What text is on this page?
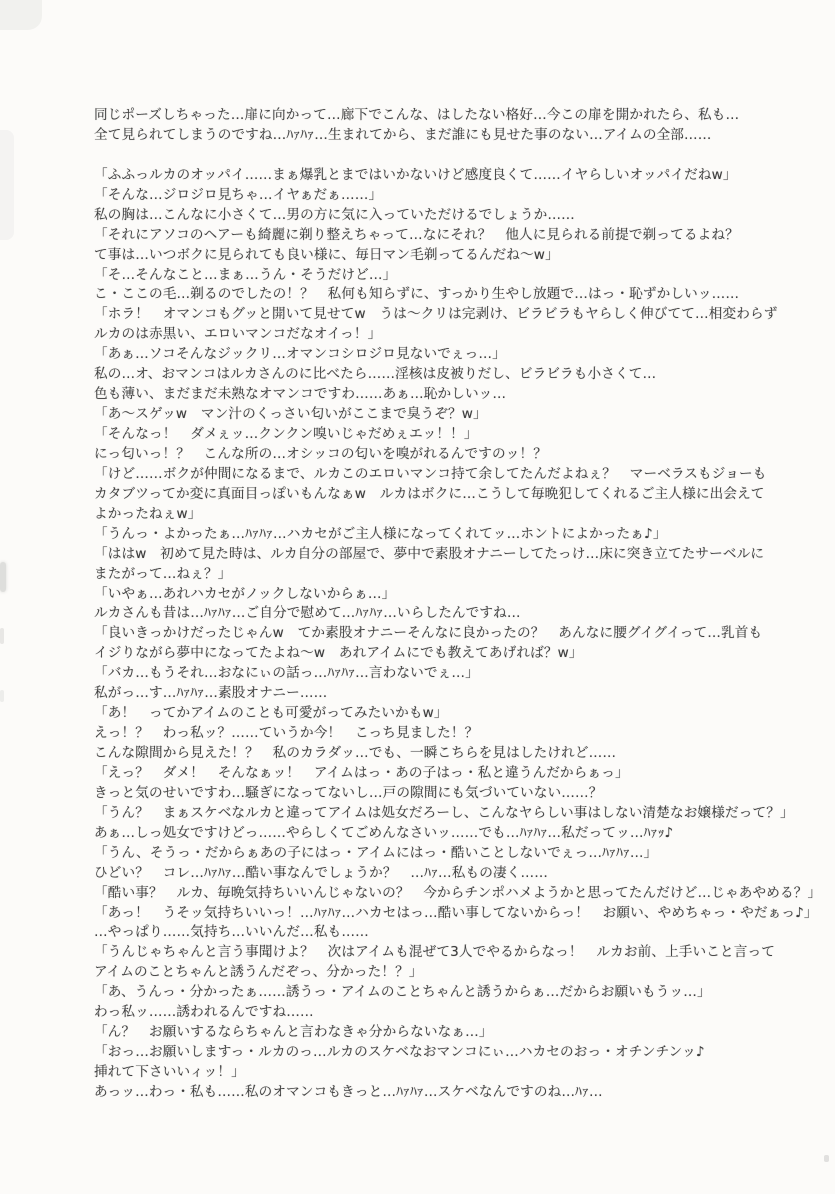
同じポーズしちゃった…扉に向かって…廊下でこんな、はしたない格好…今この扉を開かれたら、私も…
全て見られてしまうのですね…ﾊｧﾊｧ…生まれてから、まだ誰にも見せた事のない…アイムの全部……

「ふふっルカのオッパイ……まぁ爆乳とまではいかないけど感度良くて……イヤらしいオッパイだねw」
「そんな…ジロジロ見ちゃ…イヤぁだぁ……」
私の胸は…こんなに小さくて…男の方に気に入っていただけるでしょうか……
「それにアソコのヘアーも綺麗に剃り整えちゃって…なにそれ？　他人に見られる前提で剃ってるよね？
て事は…いつボクに見られても良い様に、毎日マン毛剃ってるんだね〜w」
「そ…そんなこと…まぁ…うん・そうだけど…」
こ・ここの毛…剃るのでしたの！？　私何も知らずに、すっかり生やし放題で…はっ・恥ずかしいッ……
「ホラ！　オマンコもグッと開いて見せてw　うは〜クリは完剥け、ビラビラもヤらしく伸びてて…相変わらず
ルカのは赤黒い、エロいマンコだなオイっ！」
「あぁ…ソコそんなジックリ…オマンコシロジロ見ないでぇっ…」
私の…オ、おマンコはルカさんのに比べたら……淫核は皮被りだし、ビラビラも小さくて…
色も薄い、まだまだ未熟なオマンコですわ……あぁ…恥かしいッ…
「あ〜スゲッw　マン汁のくっさい匂いがここまで臭うぞ？w」
「そんなっ！　ダメぇッ…クンクン嗅いじゃだめぇエッ！！」
にっ匂いっ！？　こんな所の…オシッコの匂いを嗅がれるんですのッ！？
「けど……ボクが仲間になるまで、ルカこのエロいマンコ持て余してたんだよねぇ？　マーベラスもジョーも
カタブツってか変に真面目っぽいもんなぁw　ルカはボクに…こうして毎晩犯してくれるご主人様に出会えて
よかったねぇw」
「うんっ・よかったぁ…ﾊｧﾊｧ…ハカセがご主人様になってくれてッ…ホントによかったぁ♪」
「ははw　初めて見た時は、ルカ自分の部屋で、夢中で素股オナニーしてたっけ…床に突き立てたサーベルに
またがって…ねぇ？」
「いやぁ…あれハカセがノックしないからぁ…」
ルカさんも昔は…ﾊｧﾊｧ…ご自分で慰めて…ﾊｧﾊｧ…いらしたんですね…
「良いきっかけだったじゃんw　てか素股オナニーそんなに良かったの？　あんなに腰グイグイって…乳首も
イジりながら夢中になってたよね〜w　あれアイムにでも教えてあげれば？w」
「バカ…もうそれ…おなにぃの話っ…ﾊｧﾊｧ…言わないでぇ…」
私がっ…す…ﾊｧﾊｧ…素股オナニー……
「あ！　ってかアイムのことも可愛がってみたいかもw」
えっ！？　わっ私ッ？……ていうか今！　こっち見ました！？
こんな隙間から見えた！？　私のカラダッ…でも、一瞬こちらを見はしたけれど……
「えっ？　ダメ！　そんなぁッ！　アイムはっ・あの子はっ・私と違うんだからぁっ」
きっと気のせいですわ…騒ぎになってないし…戸の隙間にも気づいていない……？
「うん？　まぁスケベなルカと違ってアイムは処女だろーし、こんなヤらしい事はしない清楚なお嬢様だって？」
あぁ…しっ処女ですけどっ……やらしくてごめんなさいッ……でも…ﾊｧﾊｧ…私だってッ…ﾊｧｯ♪
「うん、そうっ・だからぁあの子にはっ・アイムにはっ・酷いことしないでぇっ…ﾊｧﾊｧ…」
ひどい？　コレ…ﾊｧﾊｧ…酷い事なんでしょうか？　…ﾊｧ…私もの凄く……
「酷い事？　ルカ、毎晩気持ちいいんじゃないの？　今からチンポハメようかと思ってたんだけど…じゃあやめる？」
「あっ！　うそッ気持ちいいっ！…ﾊｧﾊｧ…ハカセはっ…酷い事してないからっ！　お願い、やめちゃっ・やだぁっ♪」
…やっぱり……気持ち…いいんだ…私も……
「うんじゃちゃんと言う事聞けよ？　次はアイムも混ぜて3人でやるからなっ！　ルカお前、上手いこと言って
アイムのことちゃんと誘うんだぞっ、分かった！？」
「あ、うんっ・分かったぁ……誘うっ・アイムのことちゃんと誘うからぁ…だからお願いもうッ…」
わっ私ッ……誘われるんですね……
「ん？　お願いするならちゃんと言わなきゃ分からないなぁ…」
「おっ…お願いしますっ・ルカのっ…ルカのスケベなおマンコにぃ…ハカセのおっ・オチンチンッ♪
挿れて下さいいィッ！」
あっッ…わっ・私も……私のオマンコもきっと…ﾊｧﾊｧ…スケベなんですのね…ﾊｧ…
